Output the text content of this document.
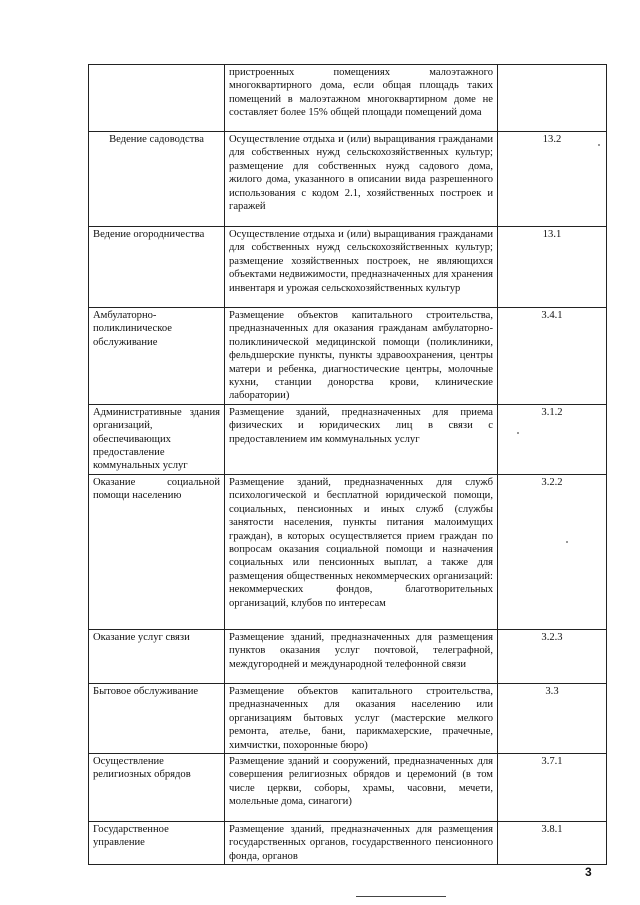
	пристроенных помещениях малоэтажного многоквартирного дома, если общая площадь таких помещений в малоэтажном многоквартирном доме не составляет более 15% общей площади помещений дома	
Ведение садоводства	Осуществление отдыха и (или) выращивания гражданами для собственных нужд сельскохозяйственных культур; размещение для собственных нужд садового дома, жилого дома, указанного в описании вида разрешенного использования с кодом 2.1, хозяйственных построек и гаражей	13.2
Ведение огородничества	Осуществление отдыха и (или) выращивания гражданами для собственных нужд сельскохозяйственных культур; размещение хозяйственных построек, не являющихся объектами недвижимости, предназначенных для хранения инвентаря и урожая сельскохозяйственных культур	13.1
Амбулаторно-поликлиническое обслуживание	Размещение объектов капитального строительства, предназначенных для оказания гражданам амбулаторно-поликлинической медицинской помощи (поликлиники, фельдшерские пункты, пункты здравоохранения, центры матери и ребенка, диагностические центры, молочные кухни, станции донорства крови, клинические лаборатории)	3.4.1
Административные здания организаций, обеспечивающих предоставление коммунальных услуг	Размещение зданий, предназначенных для приема физических и юридических лиц в связи с предоставлением им коммунальных услуг	3.1.2
Оказание социальной помощи населению	Размещение зданий, предназначенных для служб психологической и бесплатной юридической помощи, социальных, пенсионных и иных служб (службы занятости населения, пункты питания малоимущих граждан), в которых осуществляется прием граждан по вопросам оказания социальной помощи и назначения социальных или пенсионных выплат, а также для размещения общественных некоммерческих организаций: некоммерческих фондов, благотворительных организаций, клубов по интересам	3.2.2
Оказание услуг связи	Размещение зданий, предназначенных для размещения пунктов оказания услуг почтовой, телеграфной, междугородней и международной телефонной связи	3.2.3
Бытовое обслуживание	Размещение объектов капитального строительства, предназначенных для оказания населению или организациям бытовых услуг (мастерские мелкого ремонта, ателье, бани, парикмахерские, прачечные, химчистки, похоронные бюро)	3.3
Осуществление религиозных обрядов	Размещение зданий и сооружений, предназначенных для совершения религиозных обрядов и церемоний (в том числе церкви, соборы, храмы, часовни, мечети, молельные дома, синагоги)	3.7.1
Государственное управление	Размещение зданий, предназначенных для размещения государственных органов, государственного пенсионного фонда, органов	3.8.1
3
